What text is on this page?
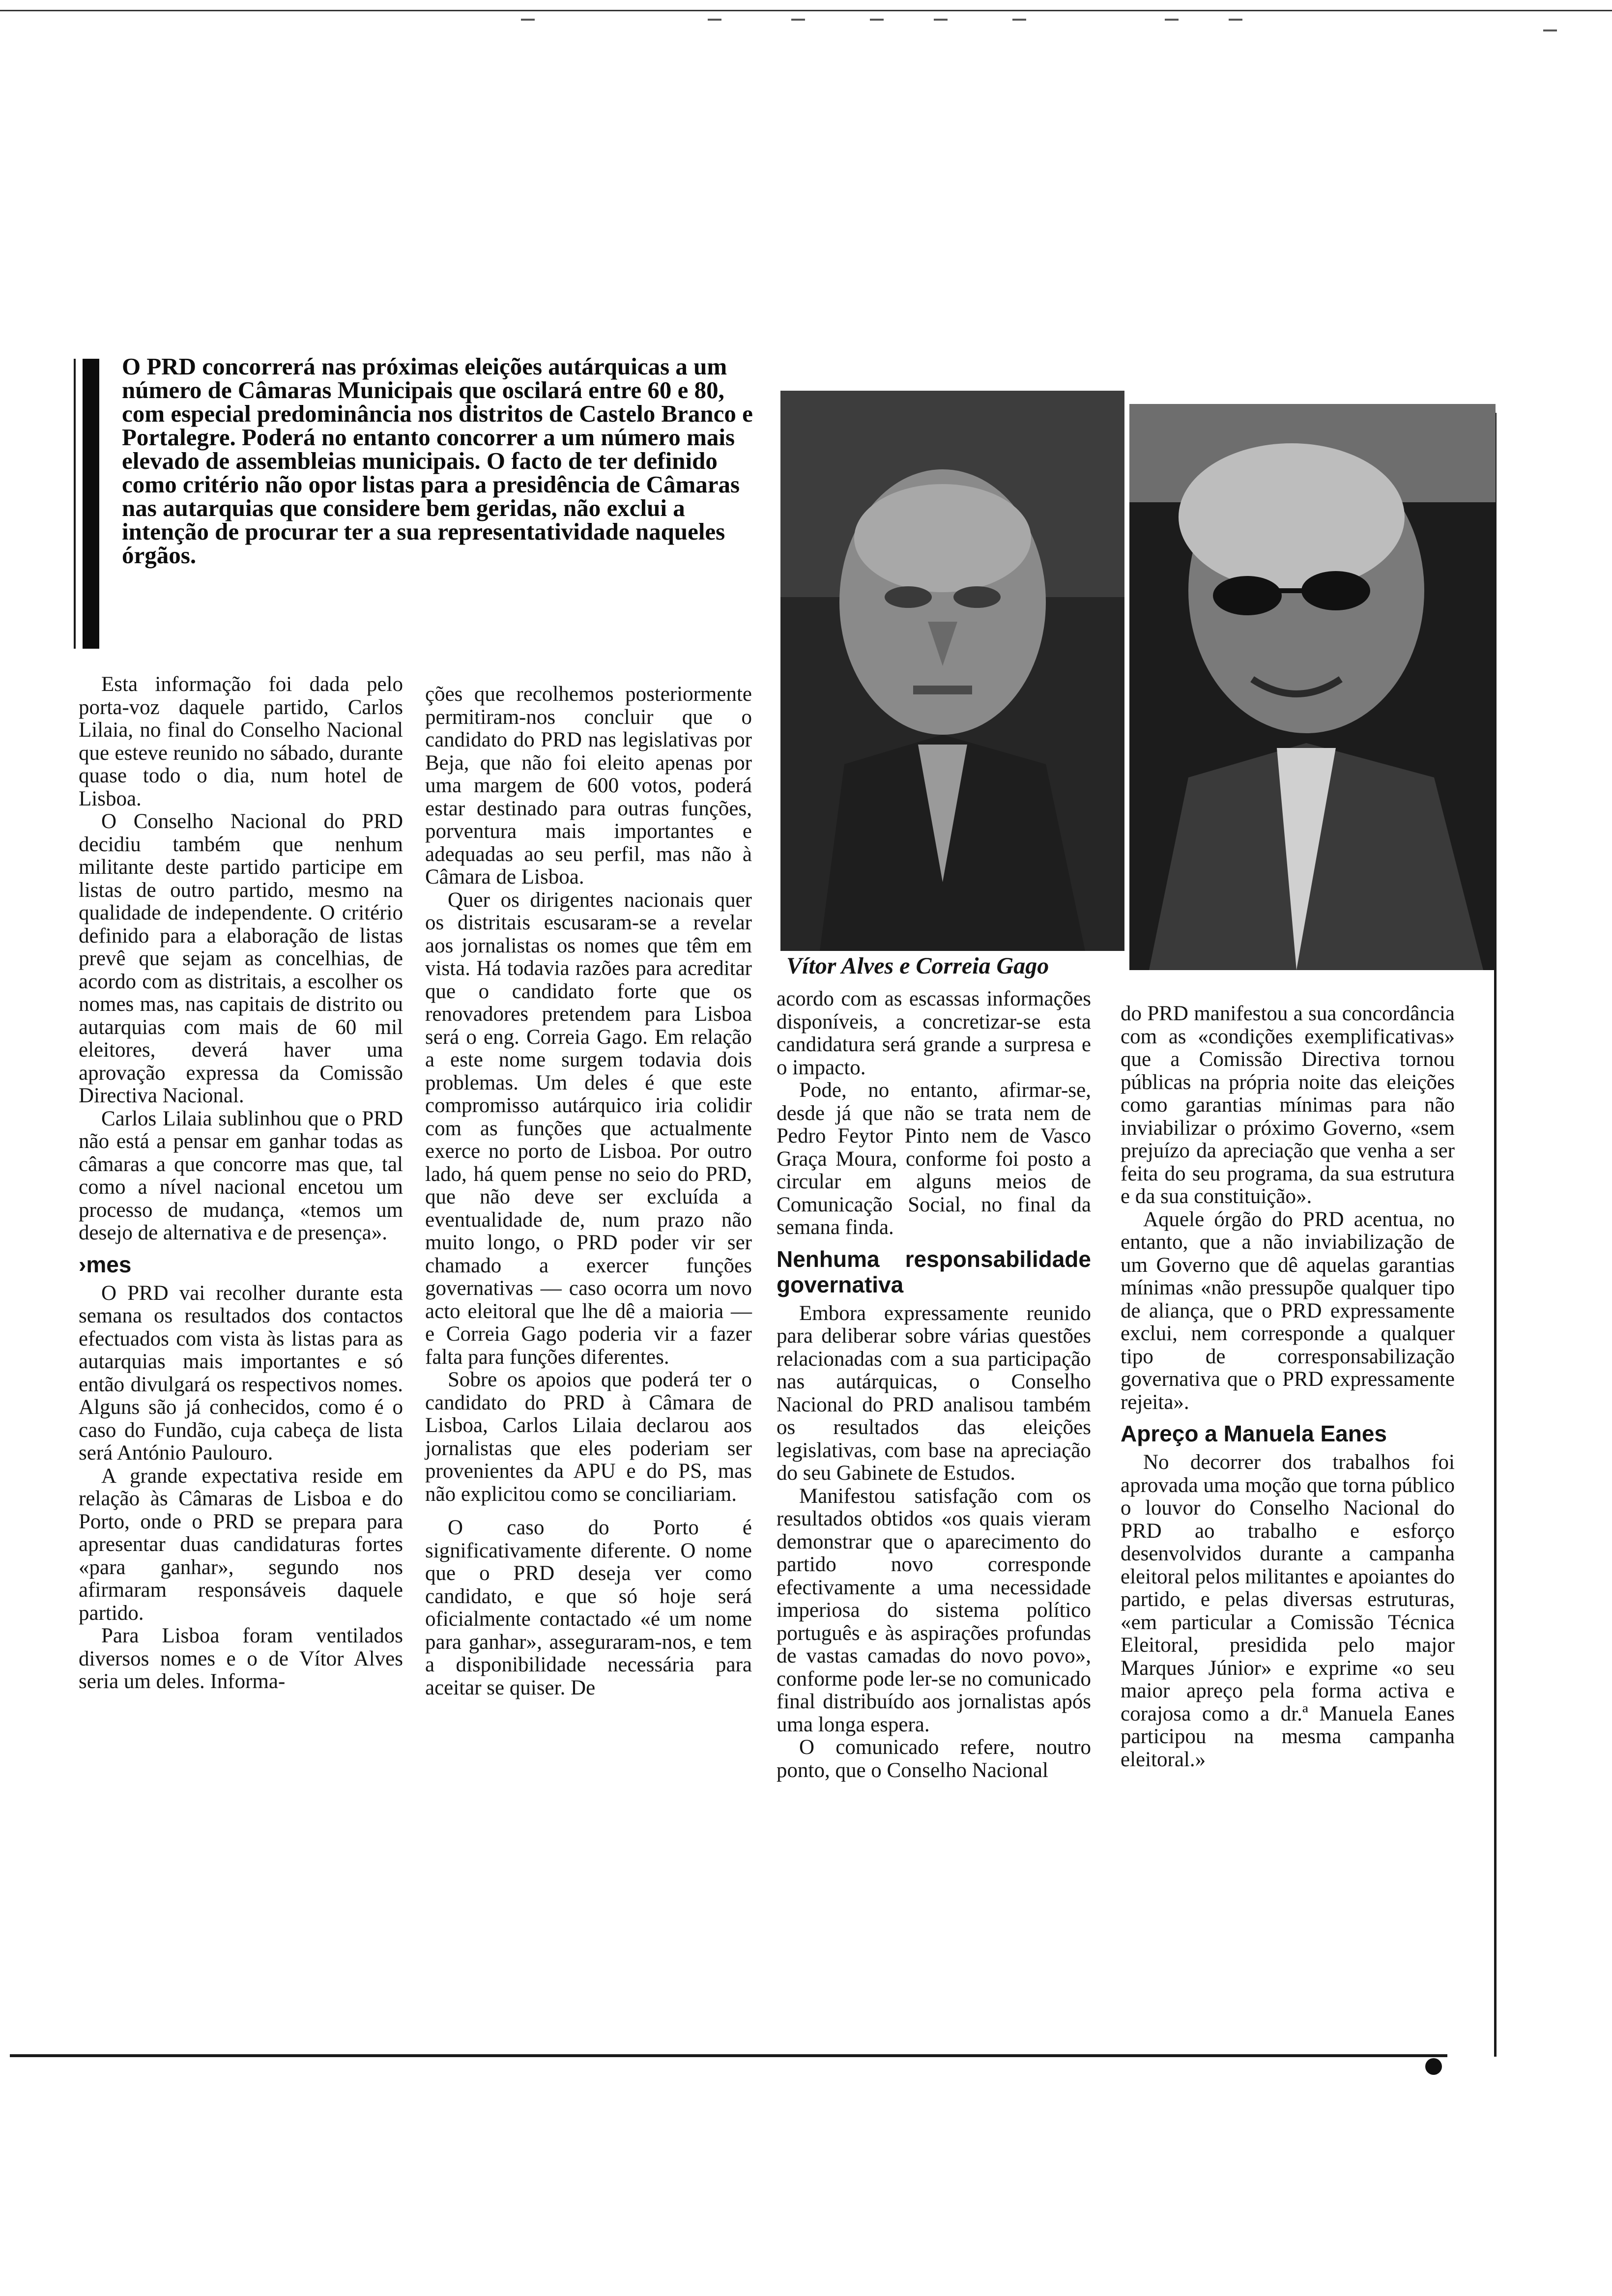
O PRD concorrerá nas próximas eleições autárquicas a um número de Câmaras Municipais que oscilará entre 60 e 80, com especial predominância nos distritos de Castelo Branco e Portalegre. Poderá no entanto concorrer a um número mais elevado de assembleias municipais. O facto de ter definido como critério não opor listas para a presidência de Câmaras nas autarquias que considere bem geridas, não exclui a intenção de procurar ter a sua representatividade naqueles órgãos.

Vítor Alves e Correia Gago

Esta informação foi dada pelo porta-voz daquele partido, Carlos Lilaia, no final do Conselho Nacional que esteve reunido no sábado, durante quase todo o dia, num hotel de Lisboa.

O Conselho Nacional do PRD decidiu também que nenhum militante deste partido participe em listas de outro partido, mesmo na qualidade de independente. O critério definido para a elaboração de listas prevê que sejam as concelhias, de acordo com as distritais, a escolher os nomes mas, nas capitais de distrito ou autarquias com mais de 60 mil eleitores, deverá haver uma aprovação expressa da Comissão Directiva Nacional.

Carlos Lilaia sublinhou que o PRD não está a pensar em ganhar todas as câmaras a que concorre mas que, tal como a nível nacional encetou um processo de mudança, «temos um desejo de alternativa e de presença».

›mes

O PRD vai recolher durante esta semana os resultados dos contactos efectuados com vista às listas para as autarquias mais importantes e só então divulgará os respectivos nomes. Alguns são já conhecidos, como é o caso do Fundão, cuja cabeça de lista será António Paulouro.

A grande expectativa reside em relação às Câmaras de Lisboa e do Porto, onde o PRD se prepara para apresentar duas candidaturas fortes «para ganhar», segundo nos afirmaram responsáveis daquele partido.

Para Lisboa foram ventilados diversos nomes e o de Vítor Alves seria um deles. Informa-

ções que recolhemos posteriormente permitiram-nos concluir que o candidato do PRD nas legislativas por Beja, que não foi eleito apenas por uma margem de 600 votos, poderá estar destinado para outras funções, porventura mais importantes e adequadas ao seu perfil, mas não à Câmara de Lisboa.

Quer os dirigentes nacionais quer os distritais escusaram-se a revelar aos jornalistas os nomes que têm em vista. Há todavia razões para acreditar que o candidato forte que os renovadores pretendem para Lisboa será o eng. Correia Gago. Em relação a este nome surgem todavia dois problemas. Um deles é que este compromisso autárquico iria colidir com as funções que actualmente exerce no porto de Lisboa. Por outro lado, há quem pense no seio do PRD, que não deve ser excluída a eventualidade de, num prazo não muito longo, o PRD poder vir ser chamado a exercer funções governativas — caso ocorra um novo acto eleitoral que lhe dê a maioria — e Correia Gago poderia vir a fazer falta para funções diferentes.

Sobre os apoios que poderá ter o candidato do PRD à Câmara de Lisboa, Carlos Lilaia declarou aos jornalistas que eles poderiam ser provenientes da APU e do PS, mas não explicitou como se conciliariam.

O caso do Porto é significativamente diferente. O nome que o PRD deseja ver como candidato, e que só hoje será oficialmente contactado «é um nome para ganhar», asseguraram-nos, e tem a disponibilidade necessária para aceitar se quiser. De

acordo com as escassas informações disponíveis, a concretizar-se esta candidatura será grande a surpresa e o impacto.

Pode, no entanto, afirmar-se, desde já que não se trata nem de Pedro Feytor Pinto nem de Vasco Graça Moura, conforme foi posto a circular em alguns meios de Comunicação Social, no final da semana finda.

Nenhuma responsabilidade governativa

Embora expressamente reunido para deliberar sobre várias questões relacionadas com a sua participação nas autárquicas, o Conselho Nacional do PRD analisou também os resultados das eleições legislativas, com base na apreciação do seu Gabinete de Estudos.

Manifestou satisfação com os resultados obtidos «os quais vieram demonstrar que o aparecimento do partido novo corresponde efectivamente a uma necessidade imperiosa do sistema político português e às aspirações profundas de vastas camadas do novo povo», conforme pode ler-se no comunicado final distribuído aos jornalistas após uma longa espera.

O comunicado refere, noutro ponto, que o Conselho Nacional

do PRD manifestou a sua concordância com as «condições exemplificativas» que a Comissão Directiva tornou públicas na própria noite das eleições como garantias mínimas para não inviabilizar o próximo Governo, «sem prejuízo da apreciação que venha a ser feita do seu programa, da sua estrutura e da sua constituição».

Aquele órgão do PRD acentua, no entanto, que a não inviabilização de um Governo que dê aquelas garantias mínimas «não pressupõe qualquer tipo de aliança, que o PRD expressamente exclui, nem corresponde a qualquer tipo de corresponsabilização governativa que o PRD expressamente rejeita».

Apreço a Manuela Eanes

No decorrer dos trabalhos foi aprovada uma moção que torna público o louvor do Conselho Nacional do PRD ao trabalho e esforço desenvolvidos durante a campanha eleitoral pelos militantes e apoiantes do partido, e pelas diversas estruturas, «em particular a Comissão Técnica Eleitoral, presidida pelo major Marques Júnior» e exprime «o seu maior apreço pela forma activa e corajosa como a dr.ª Manuela Eanes participou na mesma campanha eleitoral.»
